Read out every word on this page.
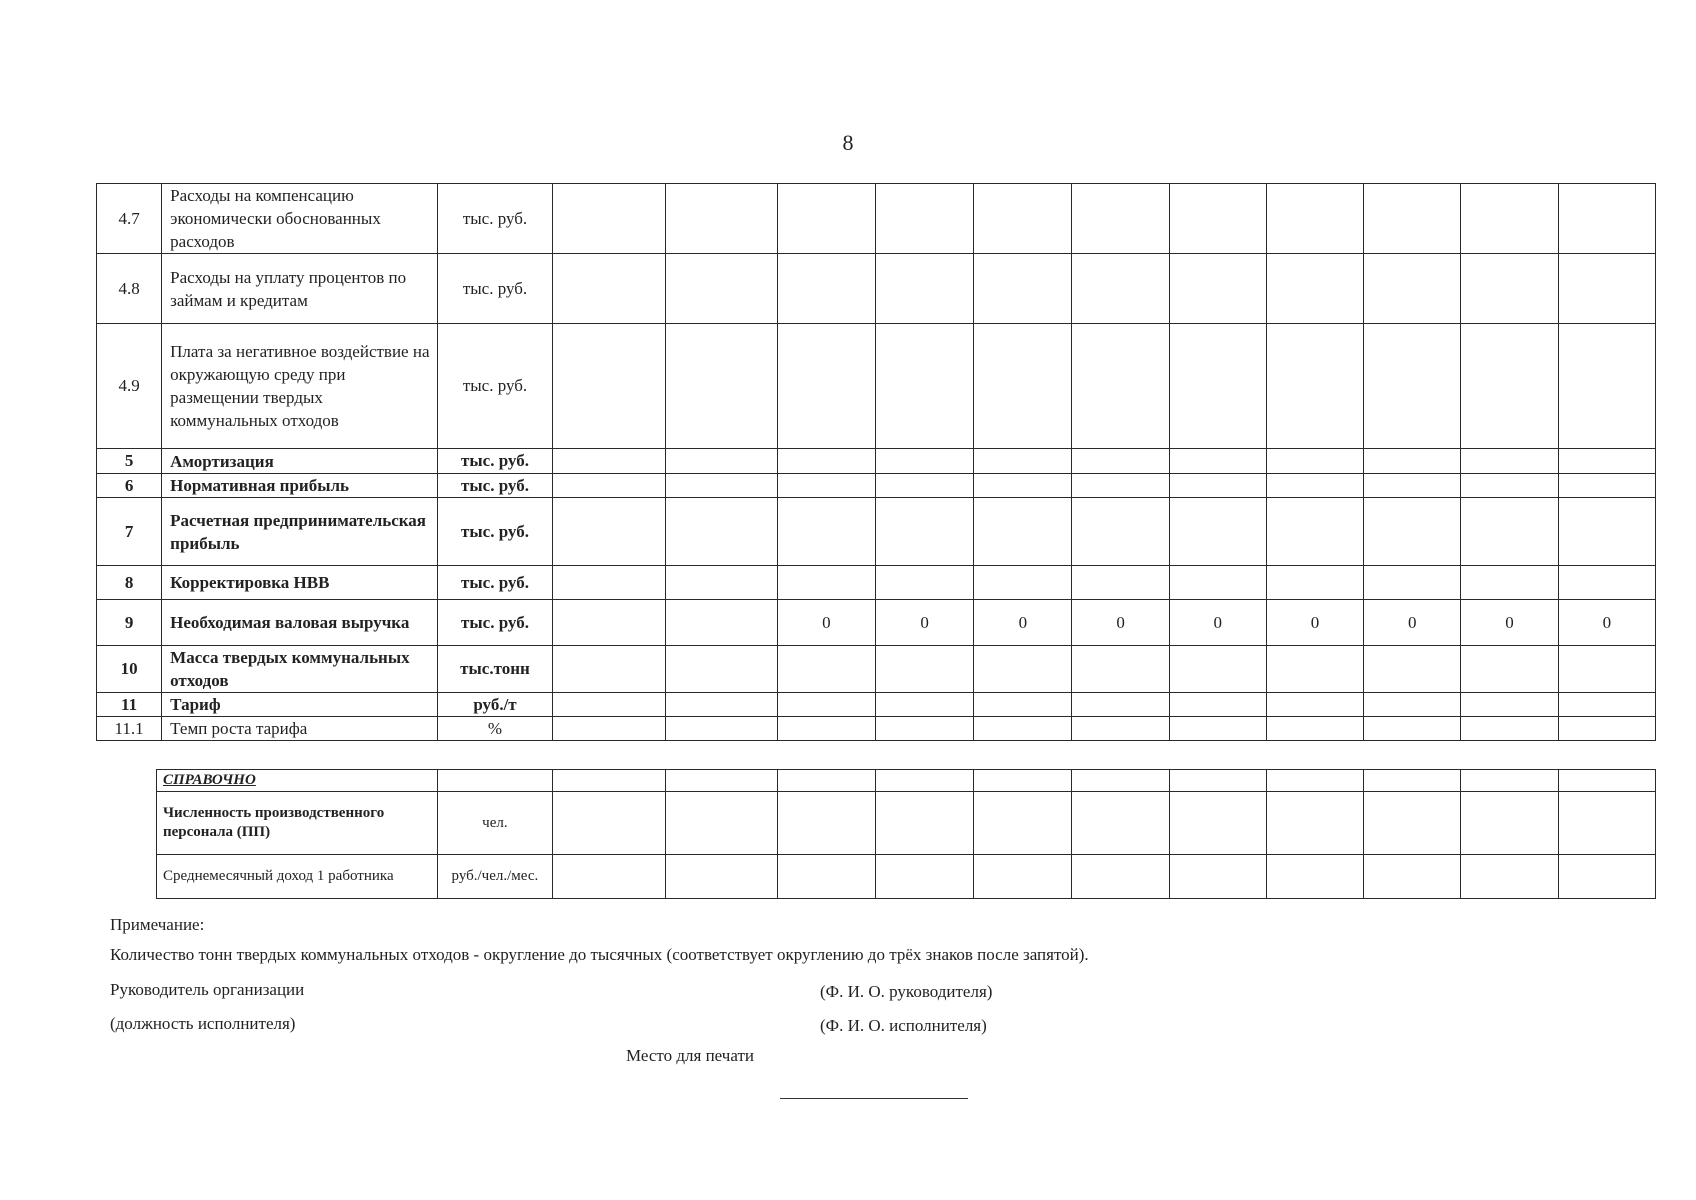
8
4.7	Расходы на компенсацию экономически обоснованных расходов	тыс. руб.											
4.8	Расходы на уплату процентов по займам и кредитам	тыс. руб.											
4.9	Плата за негативное воздействие на окружающую среду при размещении твердых коммунальных отходов	тыс. руб.											
5	Амортизация	тыс. руб.											
6	Нормативная прибыль	тыс. руб.											
7	Расчетная предпринимательская прибыль	тыс. руб.											
8	Корректировка НВВ	тыс. руб.											
9	Необходимая валовая выручка	тыс. руб.			0	0	0	0	0	0	0	0	0
10	Масса твердых коммунальных отходов	тыс.тонн											
11	Тариф	руб./т											
11.1	Темп роста тарифа	%											
СПРАВОЧНО												
Численность производственного персонала (ПП)	чел.											
Среднемесячный доход 1 работника	руб./чел./мес.											
Примечание:
Количество тонн твердых коммунальных отходов - округление до тысячных (соответствует округлению до трёх знаков после запятой).
Руководитель организации	(Ф. И. О. руководителя)
(должность исполнителя)	(Ф. И. О. исполнителя)
Место для печати
